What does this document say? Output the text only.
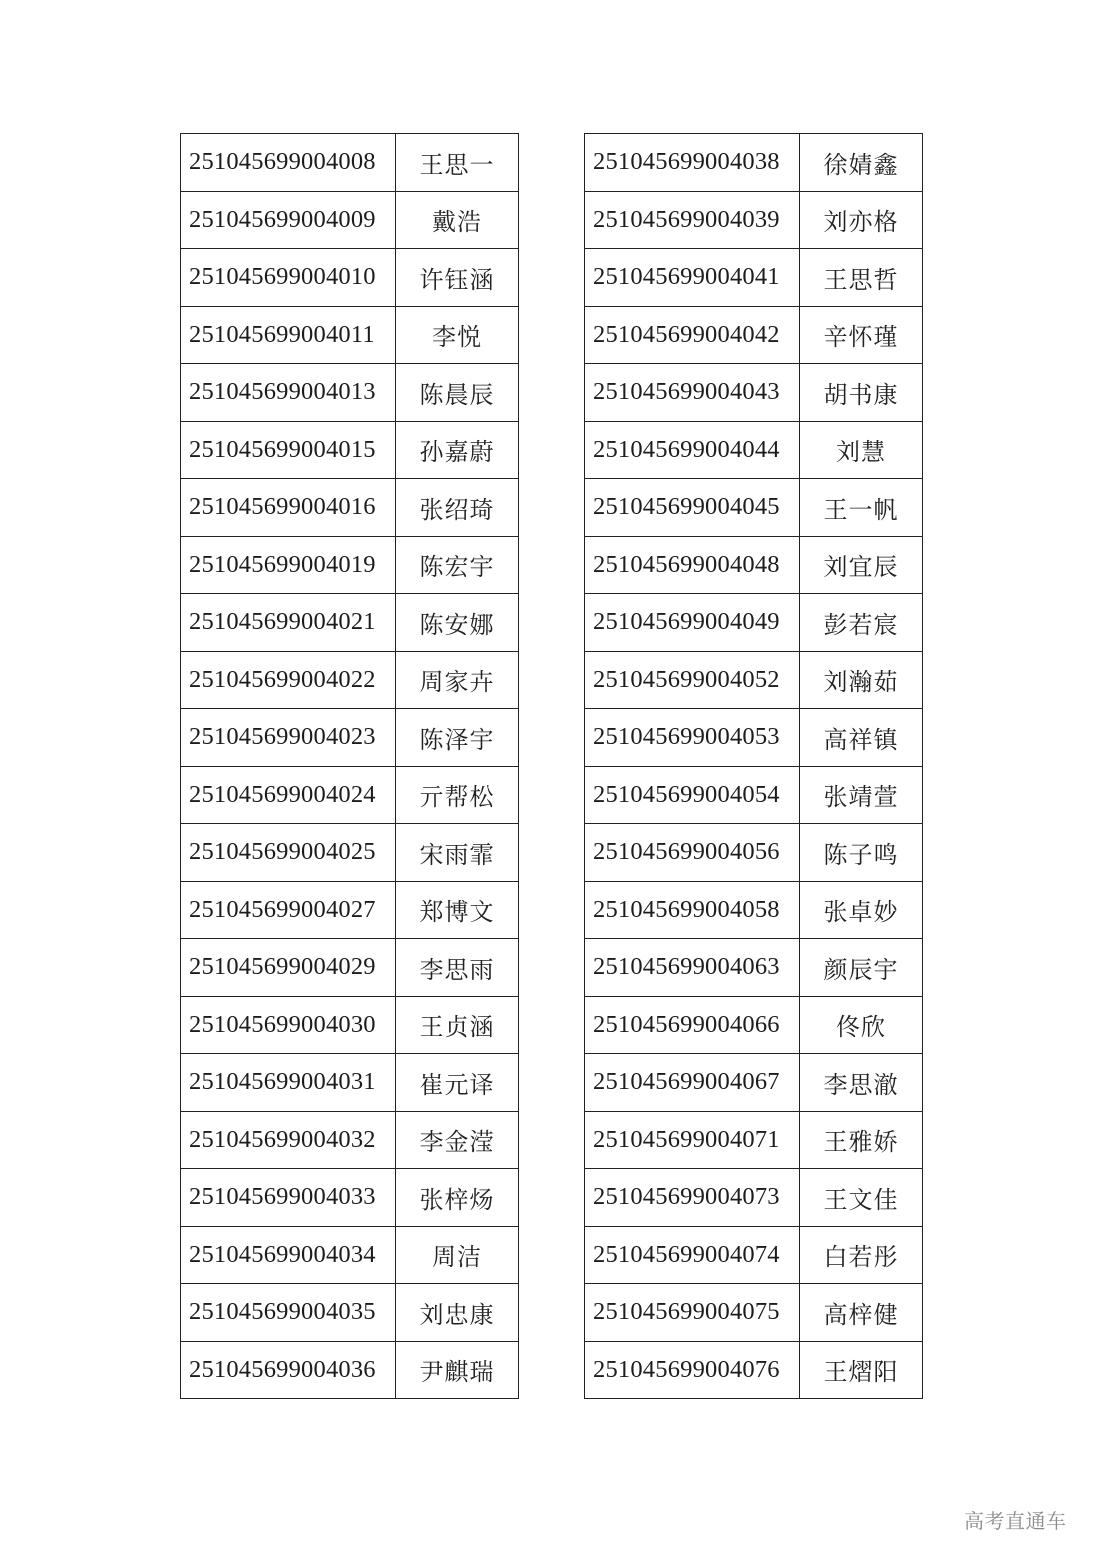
251045699004008	王思一
251045699004009	戴浩
251045699004010	许钰涵
251045699004011	李悦
251045699004013	陈晨辰
251045699004015	孙嘉蔚
251045699004016	张绍琦
251045699004019	陈宏宇
251045699004021	陈安娜
251045699004022	周家卉
251045699004023	陈泽宇
251045699004024	亓帮松
251045699004025	宋雨霏
251045699004027	郑博文
251045699004029	李思雨
251045699004030	王贞涵
251045699004031	崔元译
251045699004032	李金滢
251045699004033	张梓炀
251045699004034	周洁
251045699004035	刘忠康
251045699004036	尹麒瑞
251045699004038	徐婧鑫
251045699004039	刘亦格
251045699004041	王思哲
251045699004042	辛怀瑾
251045699004043	胡书康
251045699004044	刘慧
251045699004045	王一帆
251045699004048	刘宜辰
251045699004049	彭若宸
251045699004052	刘瀚茹
251045699004053	高祥镇
251045699004054	张靖萱
251045699004056	陈子鸣
251045699004058	张卓妙
251045699004063	颜辰宇
251045699004066	佟欣
251045699004067	李思澈
251045699004071	王雅娇
251045699004073	王文佳
251045699004074	白若彤
251045699004075	高梓健
251045699004076	王熠阳
高考直通车
